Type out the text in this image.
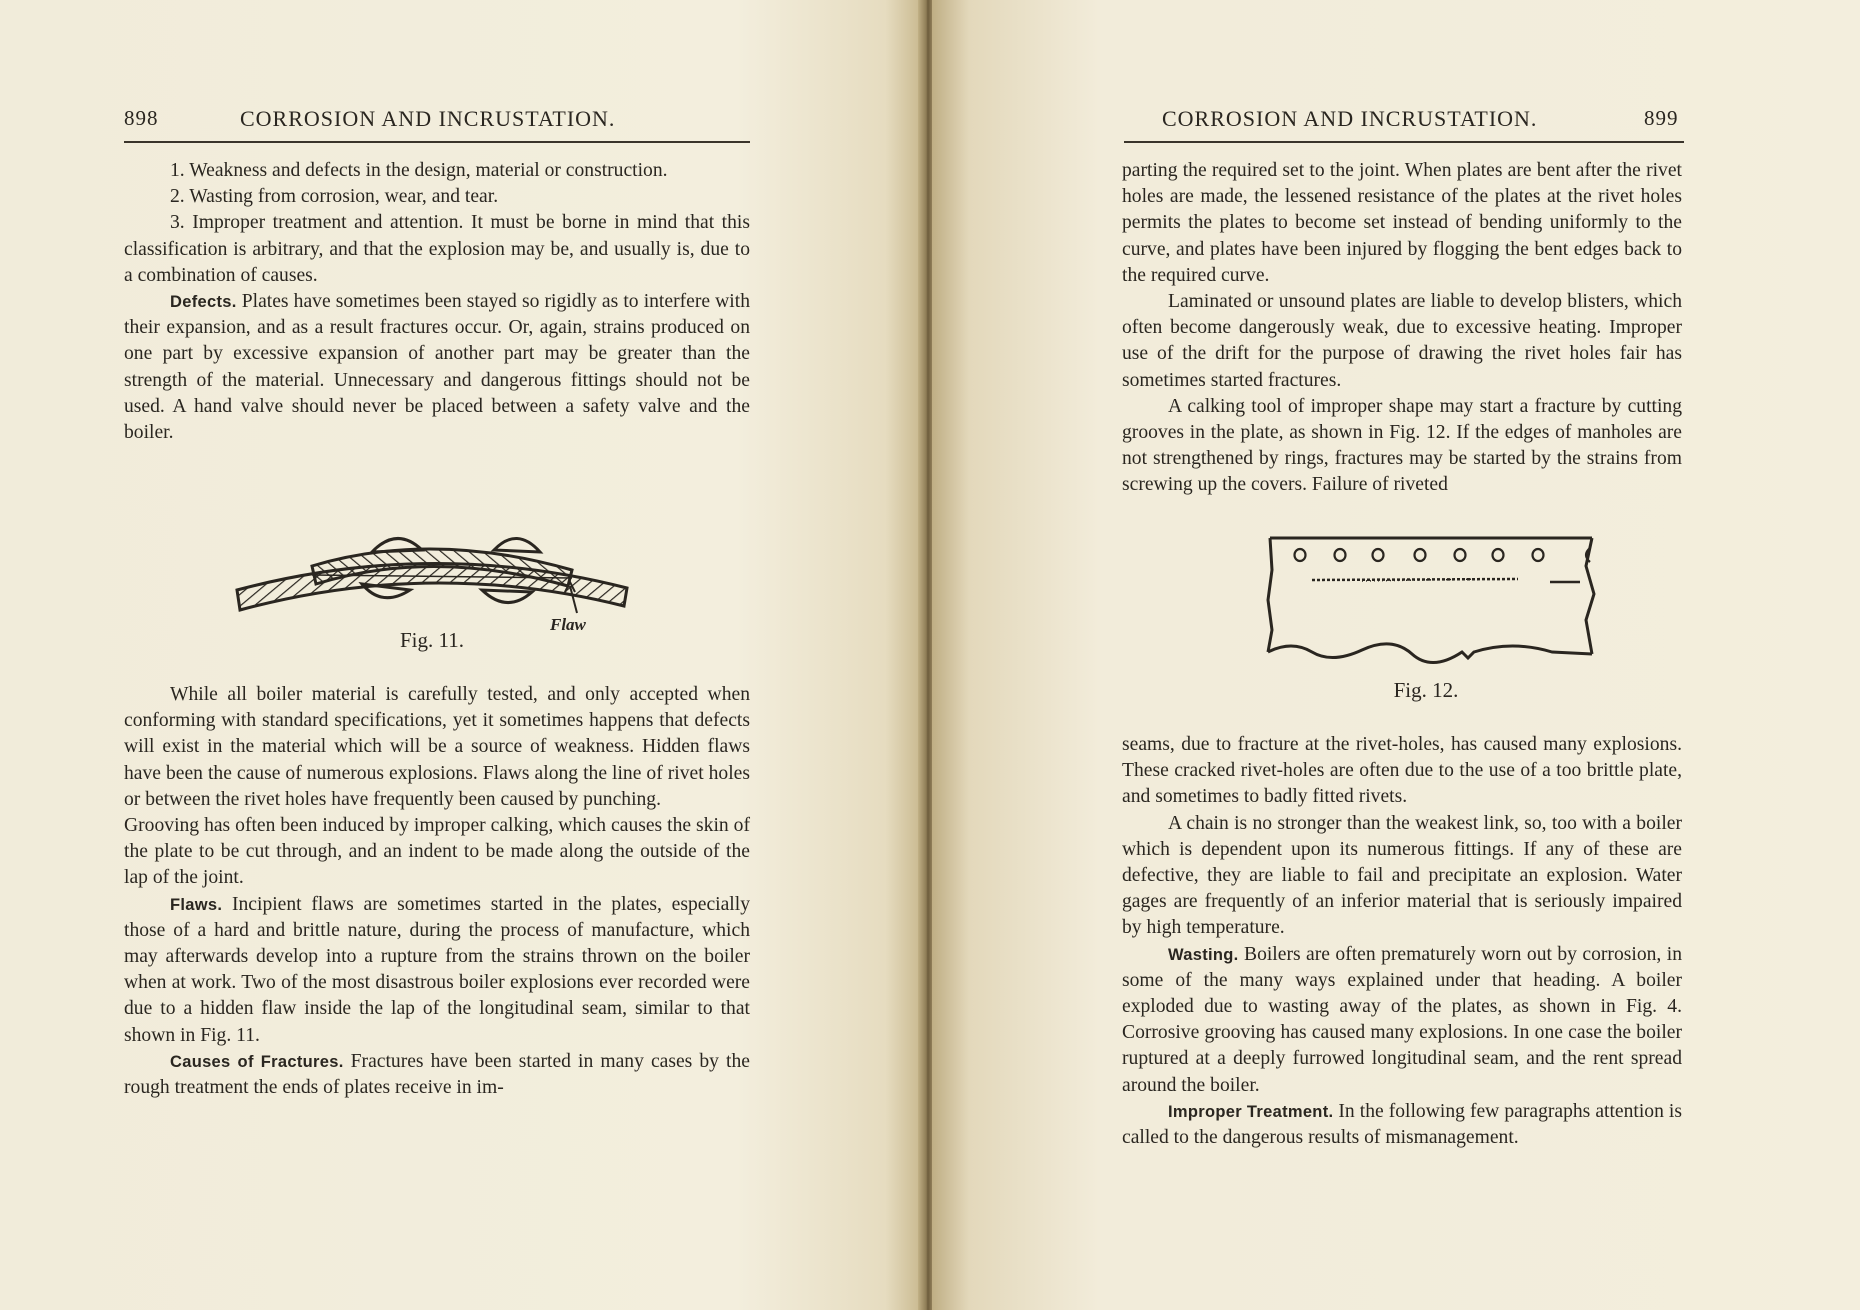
898	CORROSION AND INCRUSTATION.

1. Weakness and defects in the design, material or construction.

2. Wasting from corrosion, wear, and tear.

3. Improper treatment and attention. It must be borne in mind that this classification is arbitrary, and that the explosion may be, and usually is, due to a combination of causes.

Defects. Plates have sometimes been stayed so rigidly as to interfere with their expansion, and as a result fractures occur. Or, again, strains produced on one part by excessive expansion of another part may be greater than the strength of the material. Unnecessary and dangerous fittings should not be used. A hand valve should never be placed between a safety valve and the boiler.

Flaw
Fig. 11.

While all boiler material is carefully tested, and only accepted when conforming with standard specifications, yet it sometimes happens that defects will exist in the material which will be a source of weakness. Hidden flaws have been the cause of numerous explosions. Flaws along the line of rivet holes or between the rivet holes have frequently been caused by punching.

Grooving has often been induced by improper calking, which causes the skin of the plate to be cut through, and an indent to be made along the outside of the lap of the joint.

Flaws. Incipient flaws are sometimes started in the plates, especially those of a hard and brittle nature, during the process of manufacture, which may afterwards develop into a rupture from the strains thrown on the boiler when at work. Two of the most disastrous boiler explosions ever recorded were due to a hidden flaw inside the lap of the longitudinal seam, similar to that shown in Fig. 11.

Causes of Fractures. Fractures have been started in many cases by the rough treatment the ends of plates receive in im-

CORROSION AND INCRUSTATION.	899

parting the required set to the joint. When plates are bent after the rivet holes are made, the lessened resistance of the plates at the rivet holes permits the plates to become set instead of bending uniformly to the curve, and plates have been injured by flogging the bent edges back to the required curve.

Laminated or unsound plates are liable to develop blisters, which often become dangerously weak, due to excessive heating. Improper use of the drift for the purpose of drawing the rivet holes fair has sometimes started fractures.

A calking tool of improper shape may start a fracture by cutting grooves in the plate, as shown in Fig. 12. If the edges of manholes are not strengthened by rings, fractures may be started by the strains from screwing up the covers. Failure of riveted

Fig. 12.

seams, due to fracture at the rivet-holes, has caused many explosions. These cracked rivet-holes are often due to the use of a too brittle plate, and sometimes to badly fitted rivets.

A chain is no stronger than the weakest link, so, too with a boiler which is dependent upon its numerous fittings. If any of these are defective, they are liable to fail and precipitate an explosion. Water gages are frequently of an inferior material that is seriously impaired by high temperature.

Wasting. Boilers are often prematurely worn out by corrosion, in some of the many ways explained under that heading. A boiler exploded due to wasting away of the plates, as shown in Fig. 4. Corrosive grooving has caused many explosions. In one case the boiler ruptured at a deeply furrowed longitudinal seam, and the rent spread around the boiler.

Improper Treatment. In the following few paragraphs attention is called to the dangerous results of mismanagement.
